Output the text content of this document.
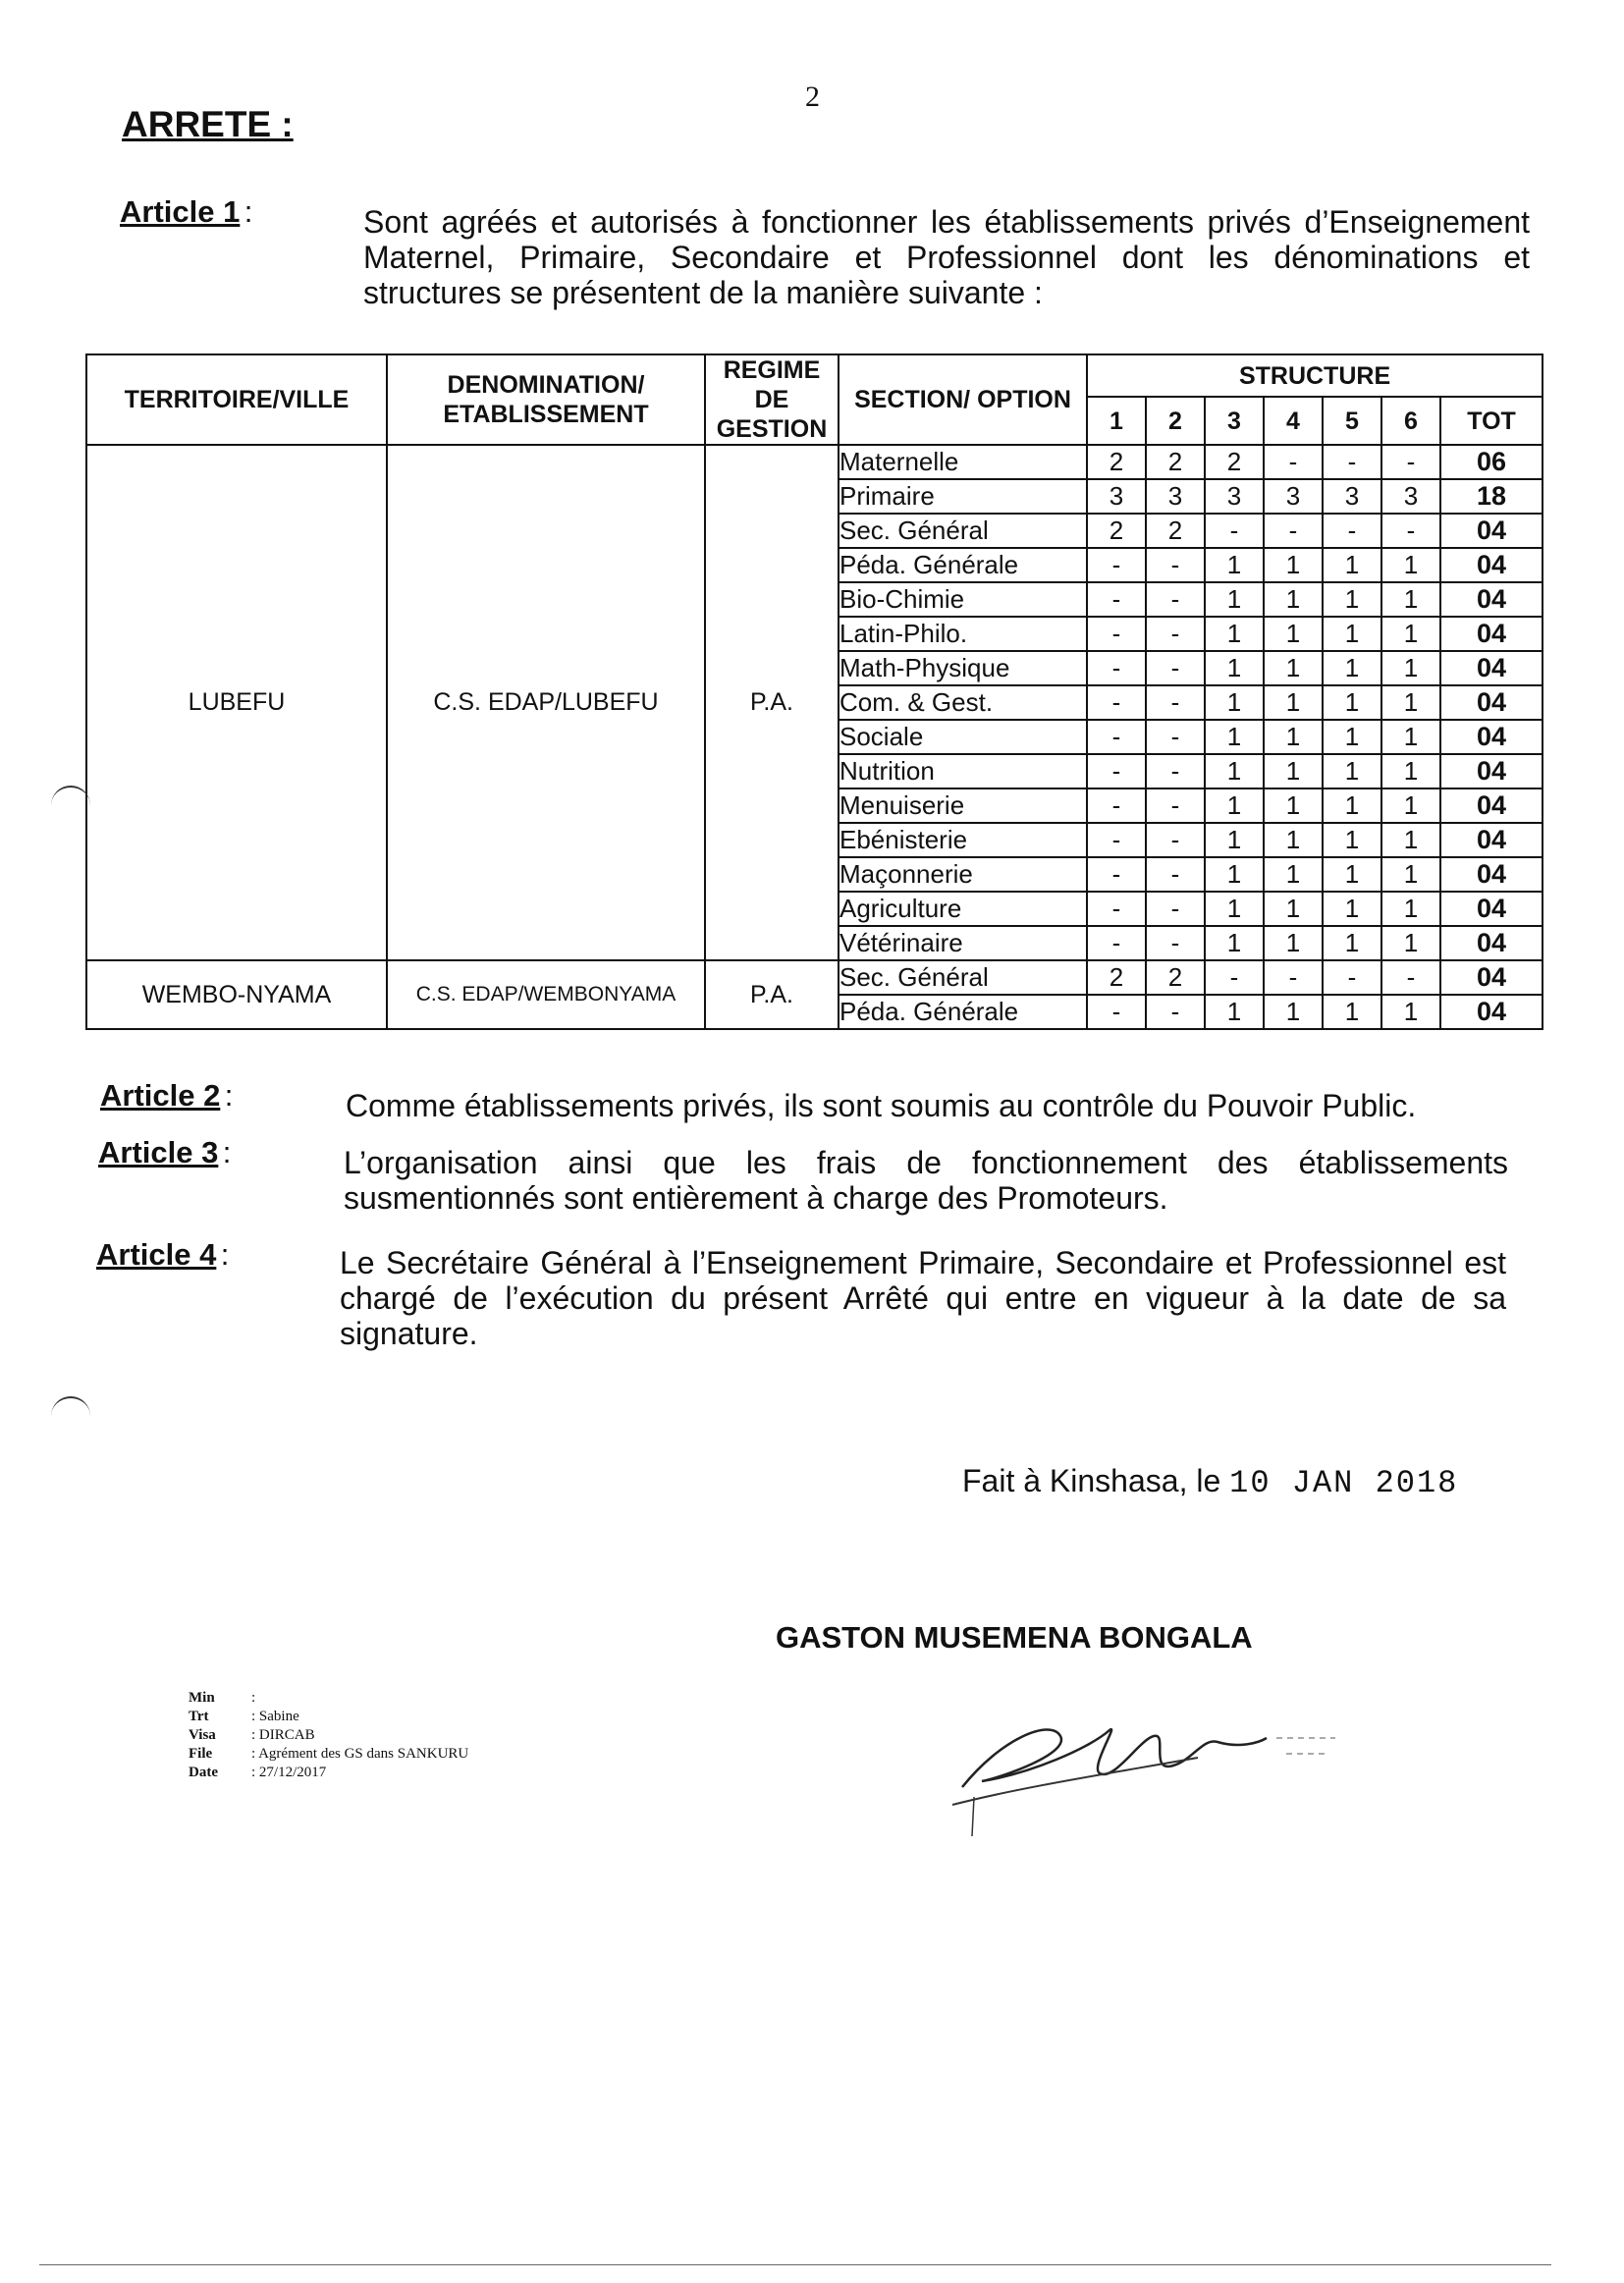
2
ARRETE :
Article 1 :	Sont agréés et autorisés à fonctionner les établissements privés d’Enseignement Maternel, Primaire, Secondaire et Professionnel dont les dénominations et structures se présentent de la manière suivante :
TERRITOIRE/VILLE	DENOMINATION/ ETABLISSEMENT	REGIME DE GESTION	SECTION/ OPTION	STRUCTURE						
				1	2	3	4	5	6	TOT
LUBEFU	C.S. EDAP/LUBEFU	P.A.	Maternelle	2	2	2	-	-	-	06
			Primaire	3	3	3	3	3	3	18
			Sec. Général	2	2	-	-	-	-	04
			Péda. Générale	-	-	1	1	1	1	04
			Bio-Chimie	-	-	1	1	1	1	04
			Latin-Philo.	-	-	1	1	1	1	04
			Math-Physique	-	-	1	1	1	1	04
			Com. & Gest.	-	-	1	1	1	1	04
			Sociale	-	-	1	1	1	1	04
			Nutrition	-	-	1	1	1	1	04
			Menuiserie	-	-	1	1	1	1	04
			Ebénisterie	-	-	1	1	1	1	04
			Maçonnerie	-	-	1	1	1	1	04
			Agriculture	-	-	1	1	1	1	04
			Vétérinaire	-	-	1	1	1	1	04
WEMBO-NYAMA	C.S. EDAP/WEMBONYAMA	P.A.	Sec. Général	2	2	-	-	-	-	04
			Péda. Générale	-	-	1	1	1	1	04
Article 2 :	Comme établissements privés, ils sont soumis au contrôle du Pouvoir Public.
Article 3 :	L’organisation ainsi que les frais de fonctionnement des établissements susmentionnés sont entièrement à charge des Promoteurs.
Article 4 :	Le Secrétaire Général à l’Enseignement Primaire, Secondaire et Professionnel est chargé de l’exécution du présent Arrêté qui entre en vigueur à la date de sa signature.
Fait à Kinshasa, le 10 JAN 2018
GASTON MUSEMENA BONGALA
Min :
Trt	: Sabine
Visa : DIRCAB
File	: Agrément des GS dans SANKURU
Date : 27/12/2017
